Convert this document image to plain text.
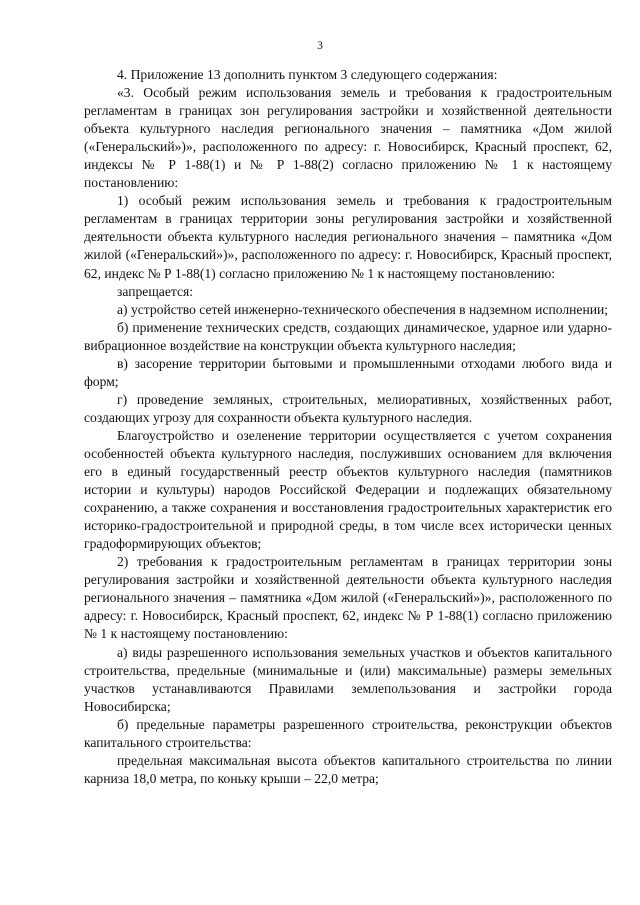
3

4. Приложение 13 дополнить пунктом 3 следующего содержания:

«3. Особый режим использования земель и требования к градостроительным регламентам в границах зон регулирования застройки и хозяйственной деятельности объекта культурного наследия регионального значения – памятника «Дом жилой («Генеральский»)», расположенного по адресу: г. Новосибирск, Красный проспект, 62, индексы № Р 1-88(1) и № Р 1-88(2) согласно приложению № 1 к настоящему постановлению:

1) особый режим использования земель и требования к градостроительным регламентам в границах территории зоны регулирования застройки и хозяйственной деятельности объекта культурного наследия регионального значения – памятника «Дом жилой («Генеральский»)», расположенного по адресу: г. Новосибирск, Красный проспект, 62, индекс № Р 1-88(1) согласно приложению № 1 к настоящему постановлению:

запрещается:

а) устройство сетей инженерно-технического обеспечения в надземном исполнении;

б) применение технических средств, создающих динамическое, ударное или ударно-вибрационное воздействие на конструкции объекта культурного наследия;

в) засорение территории бытовыми и промышленными отходами любого вида и форм;

г) проведение земляных, строительных, мелиоративных, хозяйственных работ, создающих угрозу для сохранности объекта культурного наследия.

Благоустройство и озеленение территории осуществляется с учетом сохранения особенностей объекта культурного наследия, послуживших основанием для включения его в единый государственный реестр объектов культурного наследия (памятников истории и культуры) народов Российской Федерации и подлежащих обязательному сохранению, а также сохранения и восстановления градостроительных характеристик его историко-градостроительной и природной среды, в том числе всех исторически ценных градоформирующих объектов;

2) требования к градостроительным регламентам в границах территории зоны регулирования застройки и хозяйственной деятельности объекта культурного наследия регионального значения – памятника «Дом жилой («Генеральский»)», расположенного по адресу: г. Новосибирск, Красный проспект, 62, индекс № Р 1-88(1) согласно приложению № 1 к настоящему постановлению:

а) виды разрешенного использования земельных участков и объектов капитального строительства, предельные (минимальные и (или) максимальные) размеры земельных участков устанавливаются Правилами землепользования и застройки города Новосибирска;

б) предельные параметры разрешенного строительства, реконструкции объектов капитального строительства:

предельная максимальная высота объектов капитального строительства по линии карниза 18,0 метра, по коньку крыши – 22,0 метра;
